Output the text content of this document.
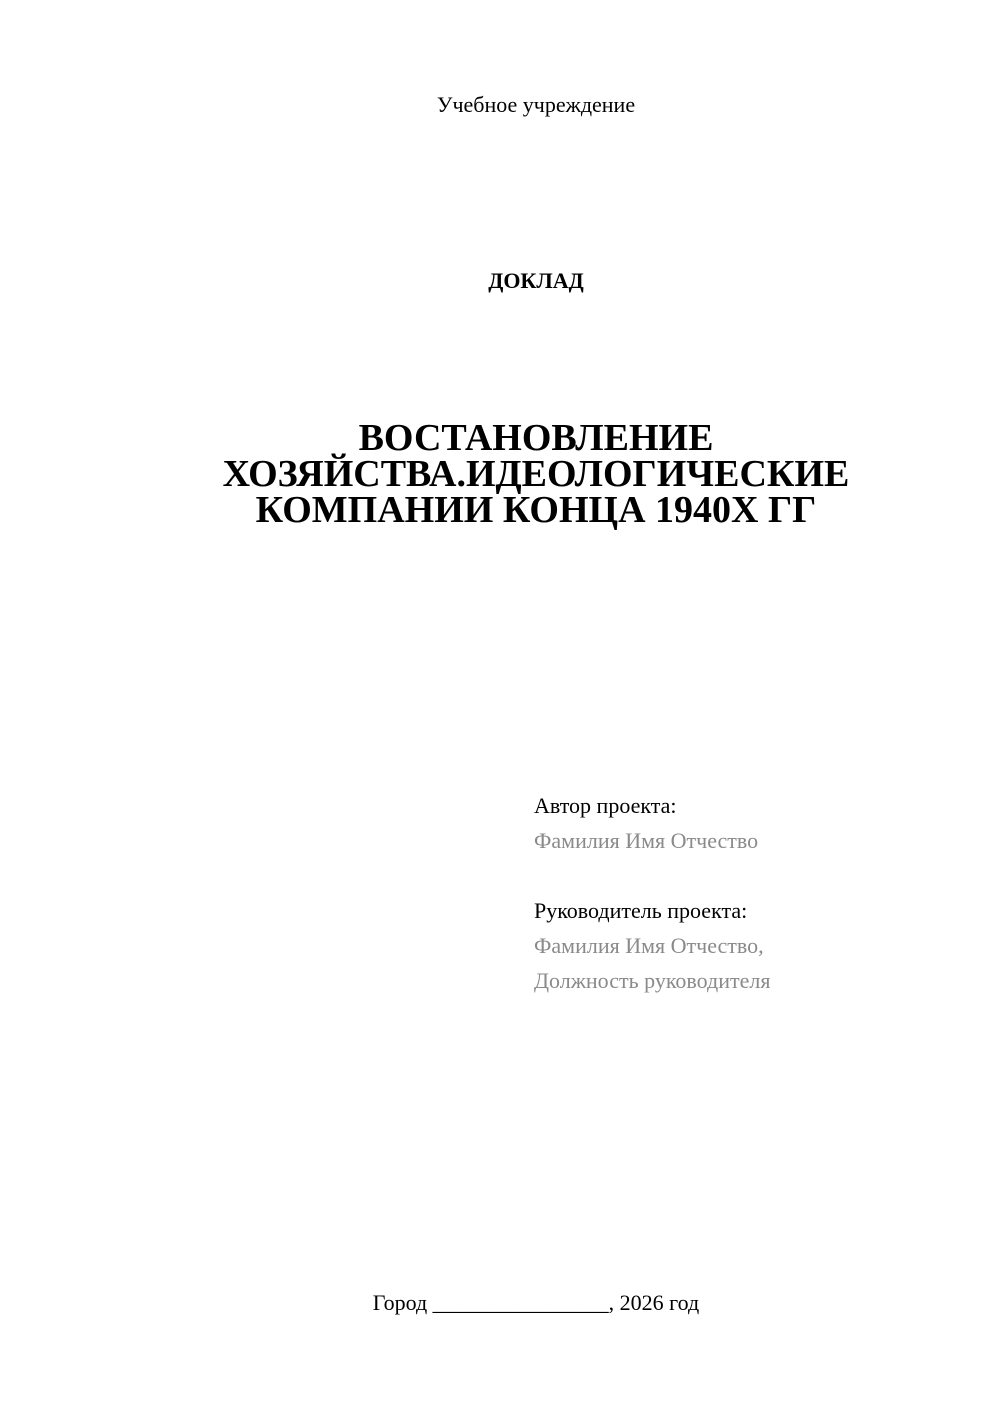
Учебное учреждение
ДОКЛАД
ВОСТАНОВЛЕНИЕ
ХОЗЯЙСТВА.ИДЕОЛОГИЧЕСКИЕ
КОМПАНИИ КОНЦА 1940Х ГГ
Автор проекта:
Фамилия Имя Отчество
Руководитель проекта:
Фамилия Имя Отчество,
Должность руководителя
Город ________________, 2026 год
